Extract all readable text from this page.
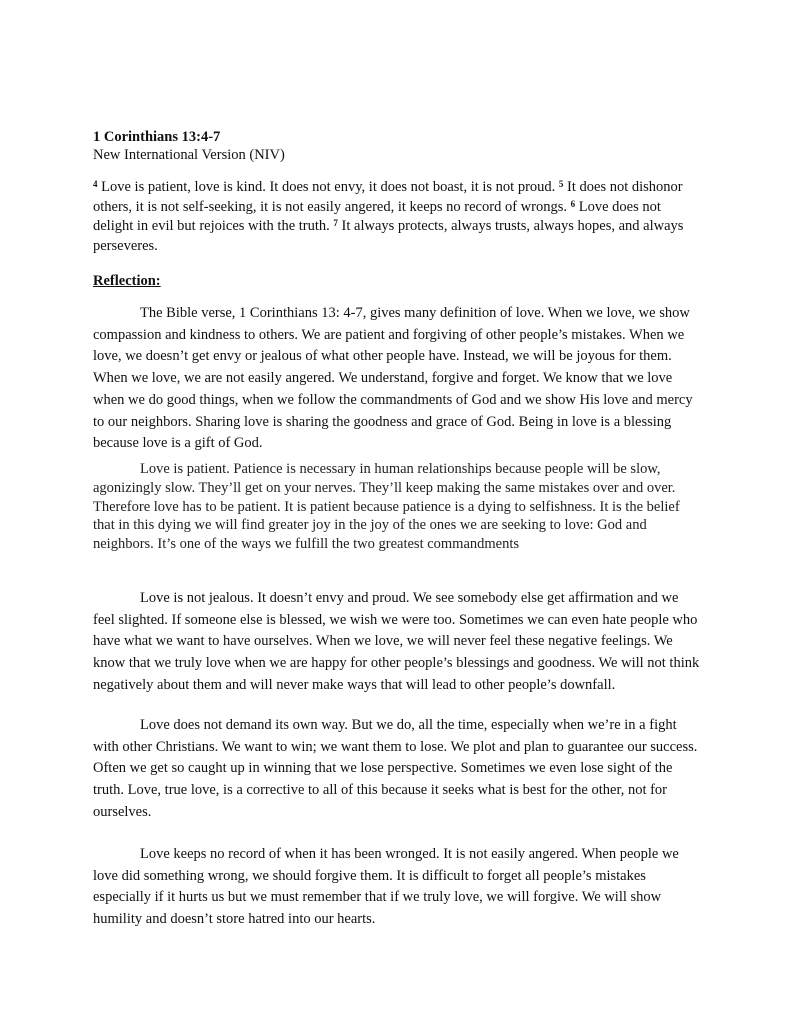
1 Corinthians 13:4-7
New International Version (NIV)

$^4$ Love is patient, love is kind. It does not envy, it does not boast, it is not proud. $^5$ It does not dishonor others, it is not self-seeking, it is not easily angered, it keeps no record of wrongs. $^6$ Love does not delight in evil but rejoices with the truth. $^7$ It always protects, always trusts, always hopes, and always perseveres.

Reflection:

The Bible verse, 1 Corinthians 13: 4-7, gives many definition of love. When we love, we show compassion and kindness to others. We are patient and forgiving of other people’s mistakes. When we love, we doesn’t get envy or jealous of what other people have. Instead, we will be joyous for them. When we love, we are not easily angered. We understand, forgive and forget. We know that we love when we do good things, when we follow the commandments of God and we show His love and mercy to our neighbors. Sharing love is sharing the goodness and grace of God. Being in love is a blessing because love is a gift of God.

Love is patient. Patience is necessary in human relationships because people will be slow, agonizingly slow. They’ll get on your nerves. They’ll keep making the same mistakes over and over. Therefore love has to be patient. It is patient because patience is a dying to selfishness. It is the belief that in this dying we will find greater joy in the joy of the ones we are seeking to love: God and neighbors. It’s one of the ways we fulfill the two greatest commandments

Love is not jealous. It doesn’t envy and proud. We see somebody else get affirmation and we feel slighted. If someone else is blessed, we wish we were too. Sometimes we can even hate people who have what we want to have ourselves. When we love, we will never feel these negative feelings. We know that we truly love when we are happy for other people’s blessings and goodness. We will not think negatively about them and will never make ways that will lead to other people’s downfall.

Love does not demand its own way. But we do, all the time, especially when we’re in a fight with other Christians. We want to win; we want them to lose. We plot and plan to guarantee our success. Often we get so caught up in winning that we lose perspective. Sometimes we even lose sight of the truth. Love, true love, is a corrective to all of this because it seeks what is best for the other, not for ourselves.

Love keeps no record of when it has been wronged. It is not easily angered. When people we love did something wrong, we should forgive them. It is difficult to forget all people’s mistakes especially if it hurts us but we must remember that if we truly love, we will forgive. We will show humility and doesn’t store hatred into our hearts.
